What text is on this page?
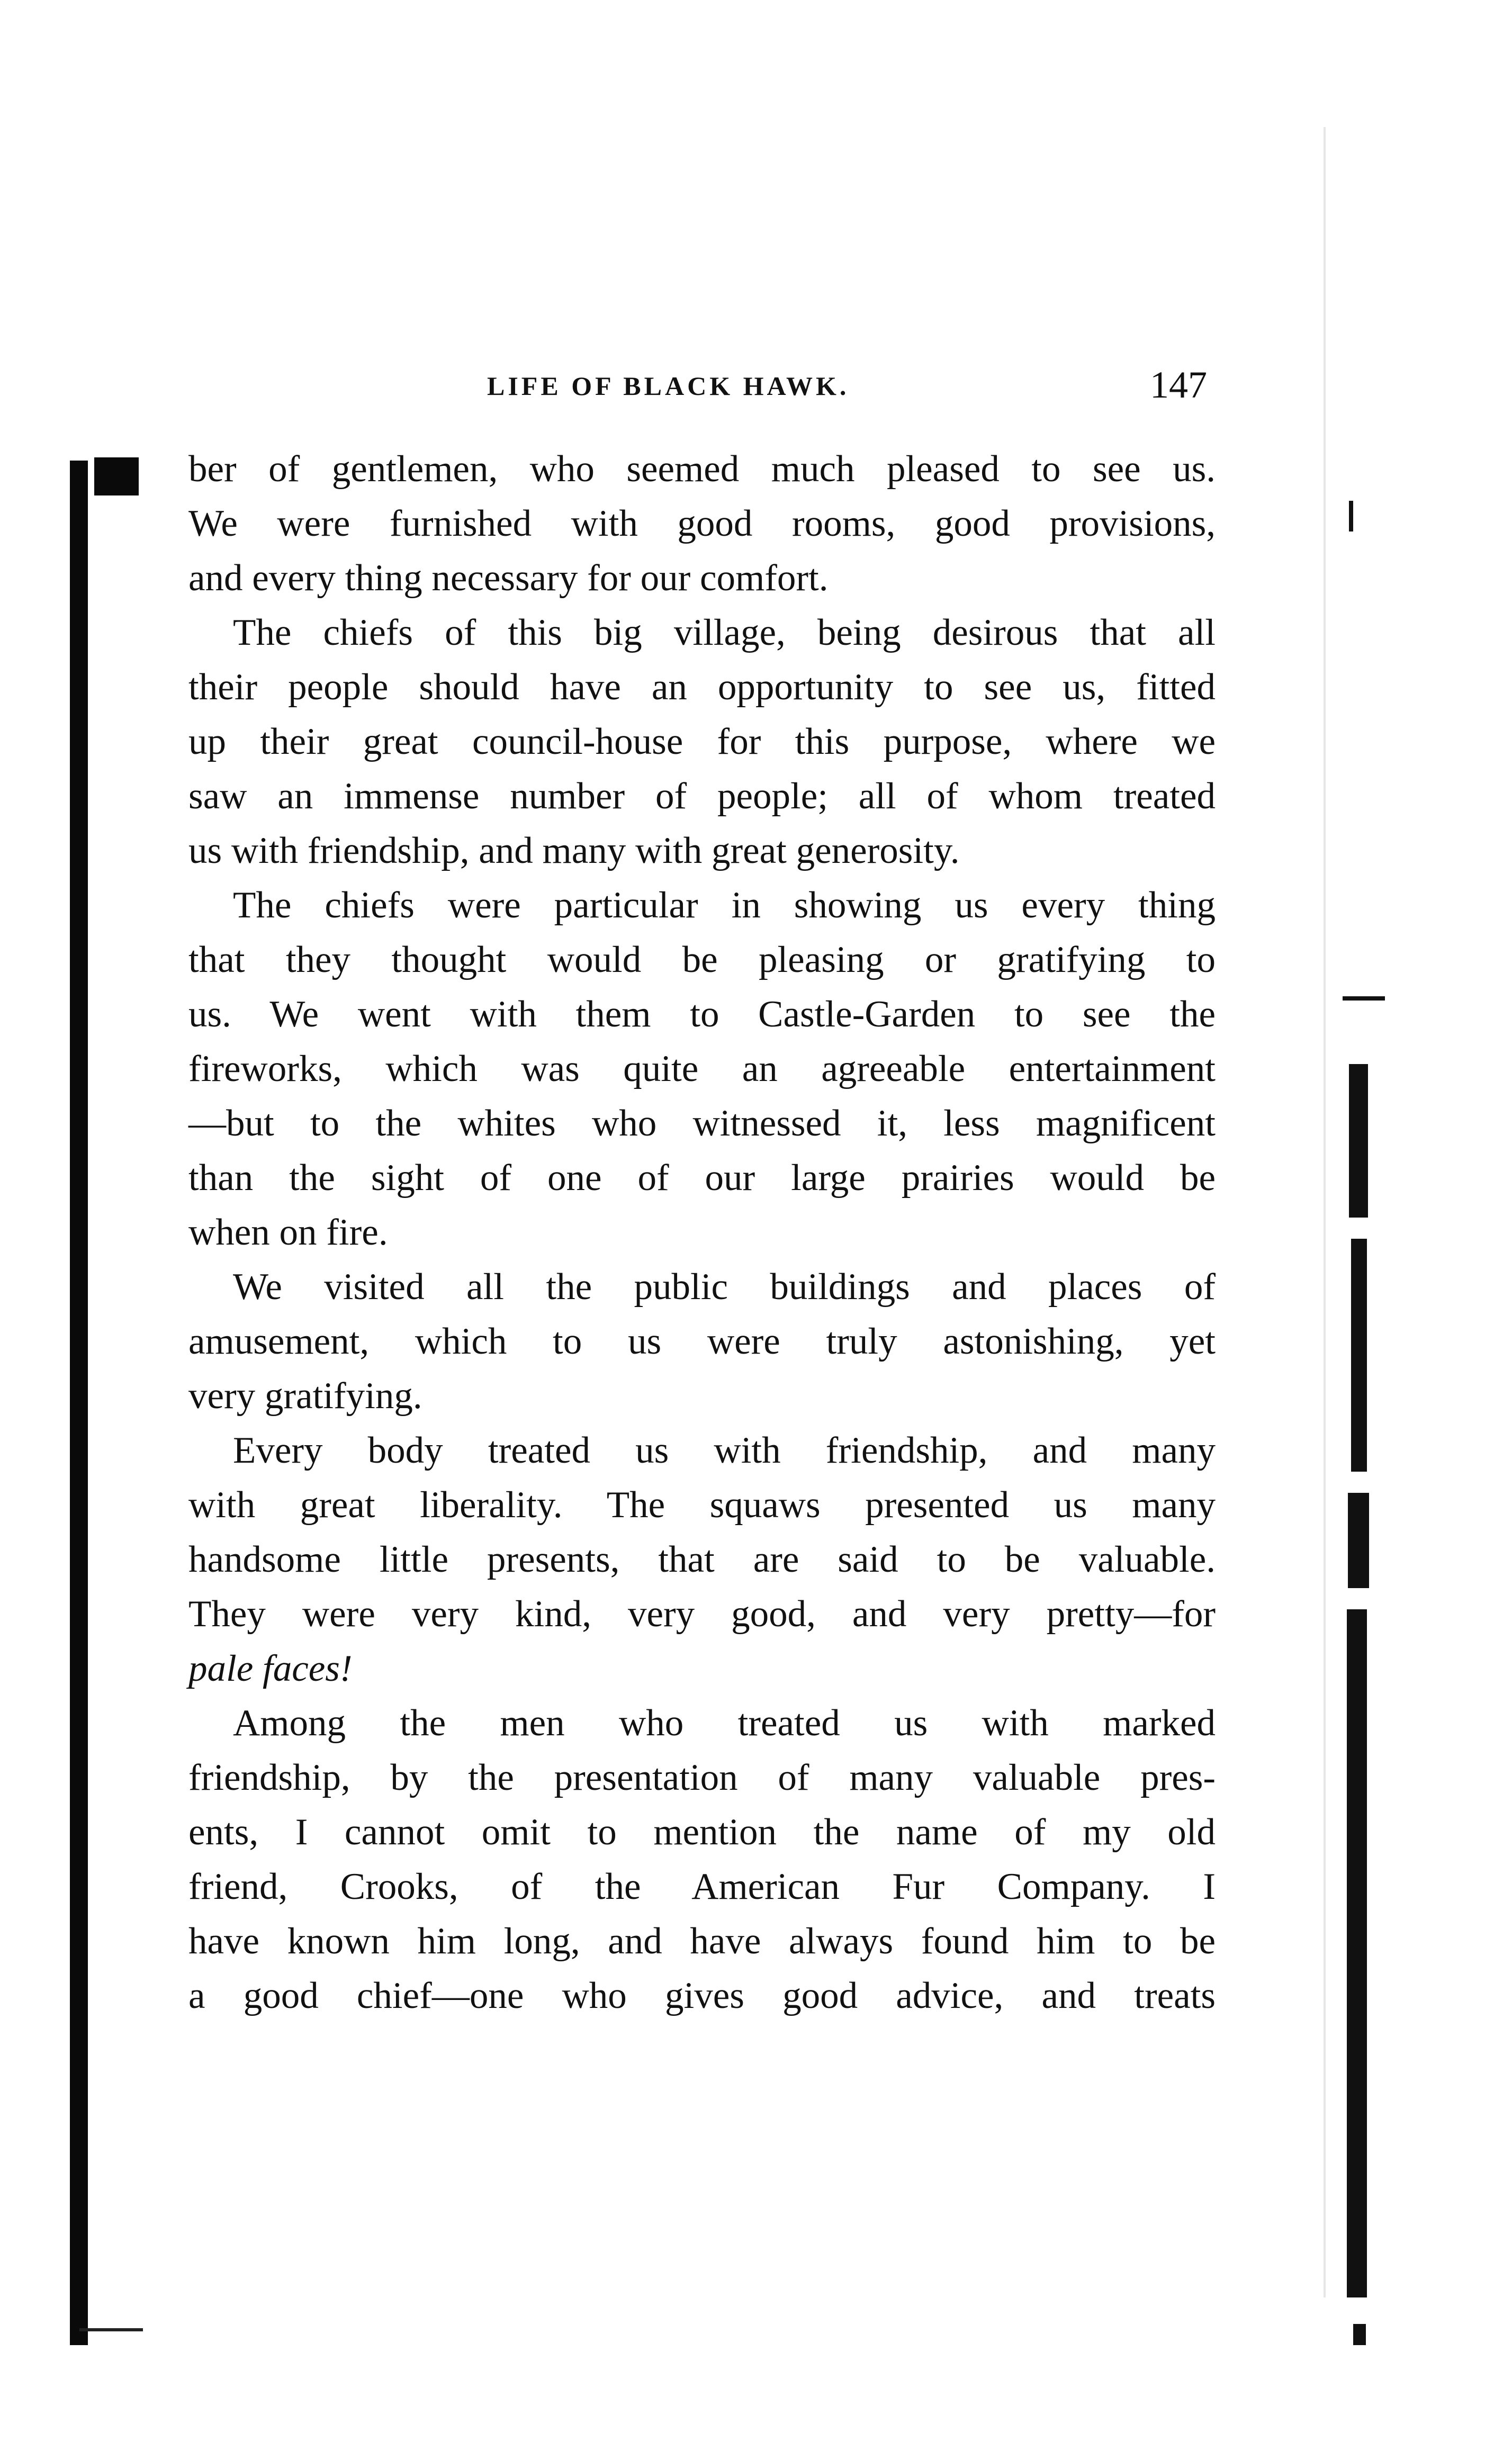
LIFE OF BLACK HAWK.	147
ber of gentlemen, who seemed much pleased to see us.
We were furnished with good rooms, good provisions,
and every thing necessary for our comfort.
The chiefs of this big village, being desirous that all
their people should have an opportunity to see us, fitted
up their great council-house for this purpose, where we
saw an immense number of people; all of whom treated
us with friendship, and many with great generosity.
The chiefs were particular in showing us every thing
that they thought would be pleasing or gratifying to
us. We went with them to Castle-Garden to see the
fireworks, which was quite an agreeable entertainment
—but to the whites who witnessed it, less magnificent
than the sight of one of our large prairies would be
when on fire.
We visited all the public buildings and places of
amusement, which to us were truly astonishing, yet
very gratifying.
Every body treated us with friendship, and many
with great liberality. The squaws presented us many
handsome little presents, that are said to be valuable.
They were very kind, very good, and very pretty—for
pale faces!
Among the men who treated us with marked
friendship, by the presentation of many valuable pres-
ents, I cannot omit to mention the name of my old
friend, Crooks, of the American Fur Company. I
have known him long, and have always found him to be
a good chief—one who gives good advice, and treats
